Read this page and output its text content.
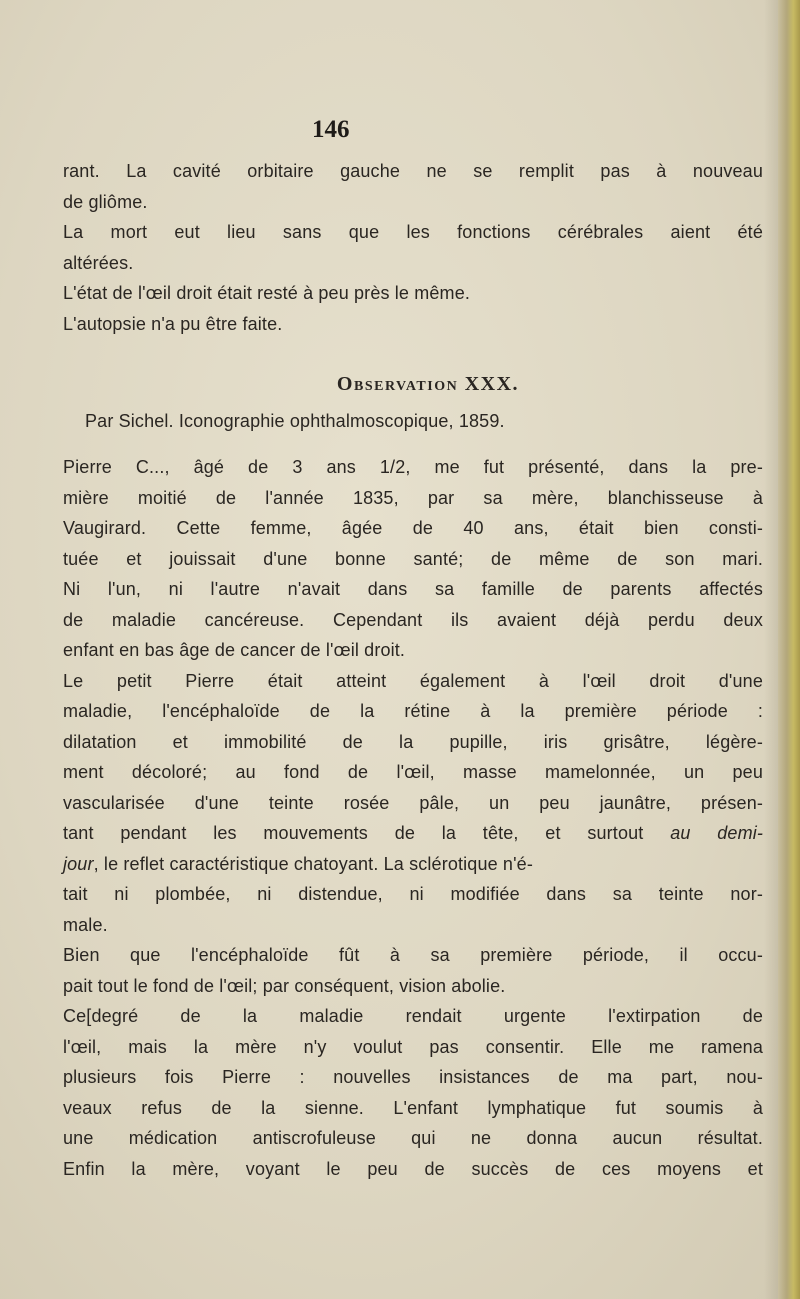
146
rant. La cavité orbitaire gauche ne se remplit pas à nouveau
de gliôme.
La mort eut lieu sans que les fonctions cérébrales aient été
altérées.
L'état de l'œil droit était resté à peu près le même.
L'autopsie n'a pu être faite.
Observation XXX.
Par Sichel. Iconographie ophthalmoscopique, 1859.
Pierre C..., âgé de 3 ans 1/2, me fut présenté, dans la pre-
mière moitié de l'année 1835, par sa mère, blanchisseuse à
Vaugirard. Cette femme, âgée de 40 ans, était bien consti-
tuée et jouissait d'une bonne santé; de même de son mari.
Ni l'un, ni l'autre n'avait dans sa famille de parents affectés
de maladie cancéreuse. Cependant ils avaient déjà perdu deux
enfant en bas âge de cancer de l'œil droit.
Le petit Pierre était atteint également à l'œil droit d'une
maladie, l'encéphaloïde de la rétine à la première période :
dilatation et immobilité de la pupille, iris grisâtre, légère-
ment décoloré; au fond de l'œil, masse mamelonnée, un peu
vascularisée d'une teinte rosée pâle, un peu jaunâtre, présen-
tant pendant les mouvements de la tête, et surtout au demi-
jour, le reflet caractéristique chatoyant. La sclérotique n'é-
tait ni plombée, ni distendue, ni modifiée dans sa teinte nor-
male.
Bien que l'encéphaloïde fût à sa première période, il occu-
pait tout le fond de l'œil; par conséquent, vision abolie.
Ce[degré de la maladie rendait urgente l'extirpation de
l'œil, mais la mère n'y voulut pas consentir. Elle me ramena
plusieurs fois Pierre : nouvelles insistances de ma part, nou-
veaux refus de la sienne. L'enfant lymphatique fut soumis à
une médication antiscrofuleuse qui ne donna aucun résultat.
Enfin la mère, voyant le peu de succès de ces moyens et
